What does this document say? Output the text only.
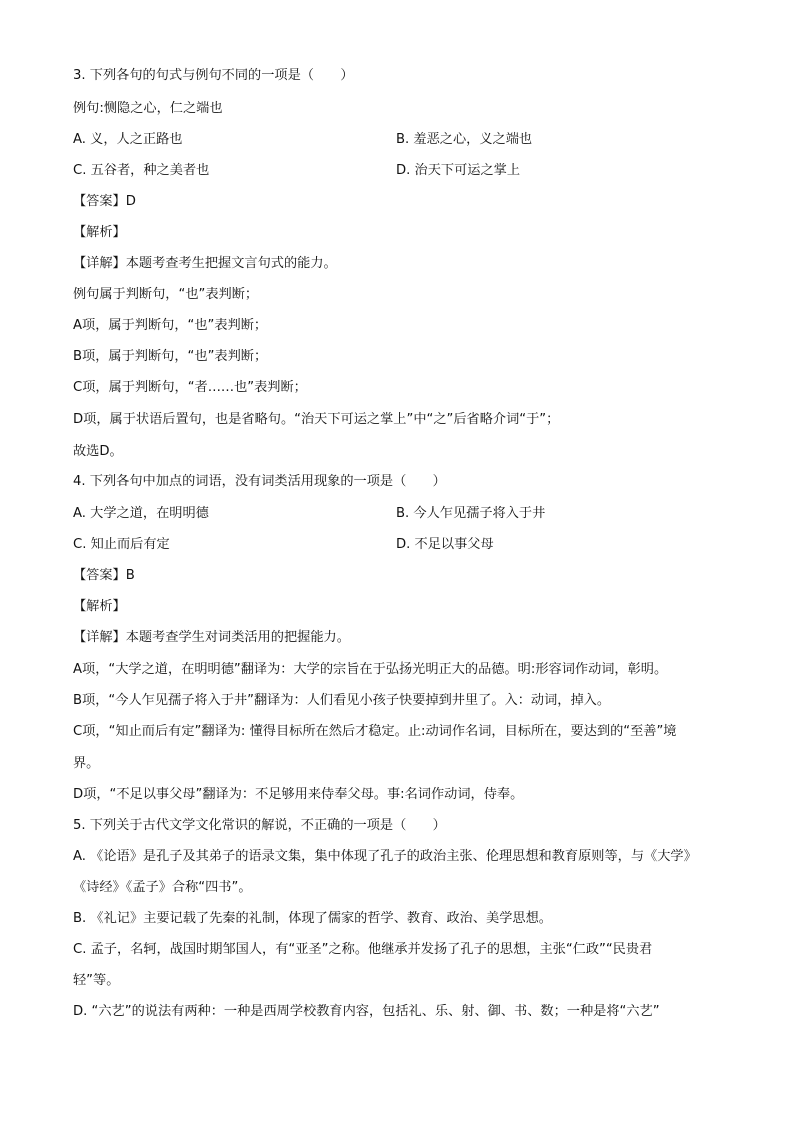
3. 下列各句的句式与例句不同的一项是（　　）
例句:恻隐之心，仁之端也
A. 义，人之正路也	B. 羞恶之心，义之端也
C. 五谷者，种之美者也	D. 治天下可运之掌上
【答案】D
【解析】
【详解】本题考查考生把握文言句式的能力。
例句属于判断句，“也”表判断；
A项，属于判断句，“也”表判断；
B项，属于判断句，“也”表判断；
C项，属于判断句，“者……也”表判断；
D项，属于状语后置句，也是省略句。“治天下可运之掌上”中“之”后省略介词“于”；
故选D。
4. 下列各句中加点的词语，没有词类活用现象的一项是（　　）
A. 大学之道，在明明德	B. 今人乍见孺子将入于井
C. 知止而后有定	D. 不足以事父母
【答案】B
【解析】
【详解】本题考查学生对词类活用的把握能力。
A项，“大学之道，在明明德”翻译为：大学的宗旨在于弘扬光明正大的品德。明:形容词作动词，彰明。
B项，“今人乍见孺子将入于井”翻译为：人们看见小孩子快要掉到井里了。入：动词，掉入。
C项，“知止而后有定”翻译为: 懂得目标所在然后才稳定。止:动词作名词，目标所在，要达到的“至善”境
界。
D项，“不足以事父母”翻译为：不足够用来侍奉父母。事:名词作动词，侍奉。
5. 下列关于古代文学文化常识的解说，不正确的一项是（　　）
A. 《论语》是孔子及其弟子的语录文集，集中体现了孔子的政治主张、伦理思想和教育原则等，与《大学》
《诗经》《孟子》合称“四书”。
B. 《礼记》主要记载了先秦的礼制，体现了儒家的哲学、教育、政治、美学思想。
C. 孟子，名轲，战国时期邹国人，有“亚圣”之称。他继承并发扬了孔子的思想，主张“仁政”“民贵君
轻”等。
D. “六艺”的说法有两种：一种是西周学校教育内容，包括礼、乐、射、御、书、数；一种是将“六艺”
